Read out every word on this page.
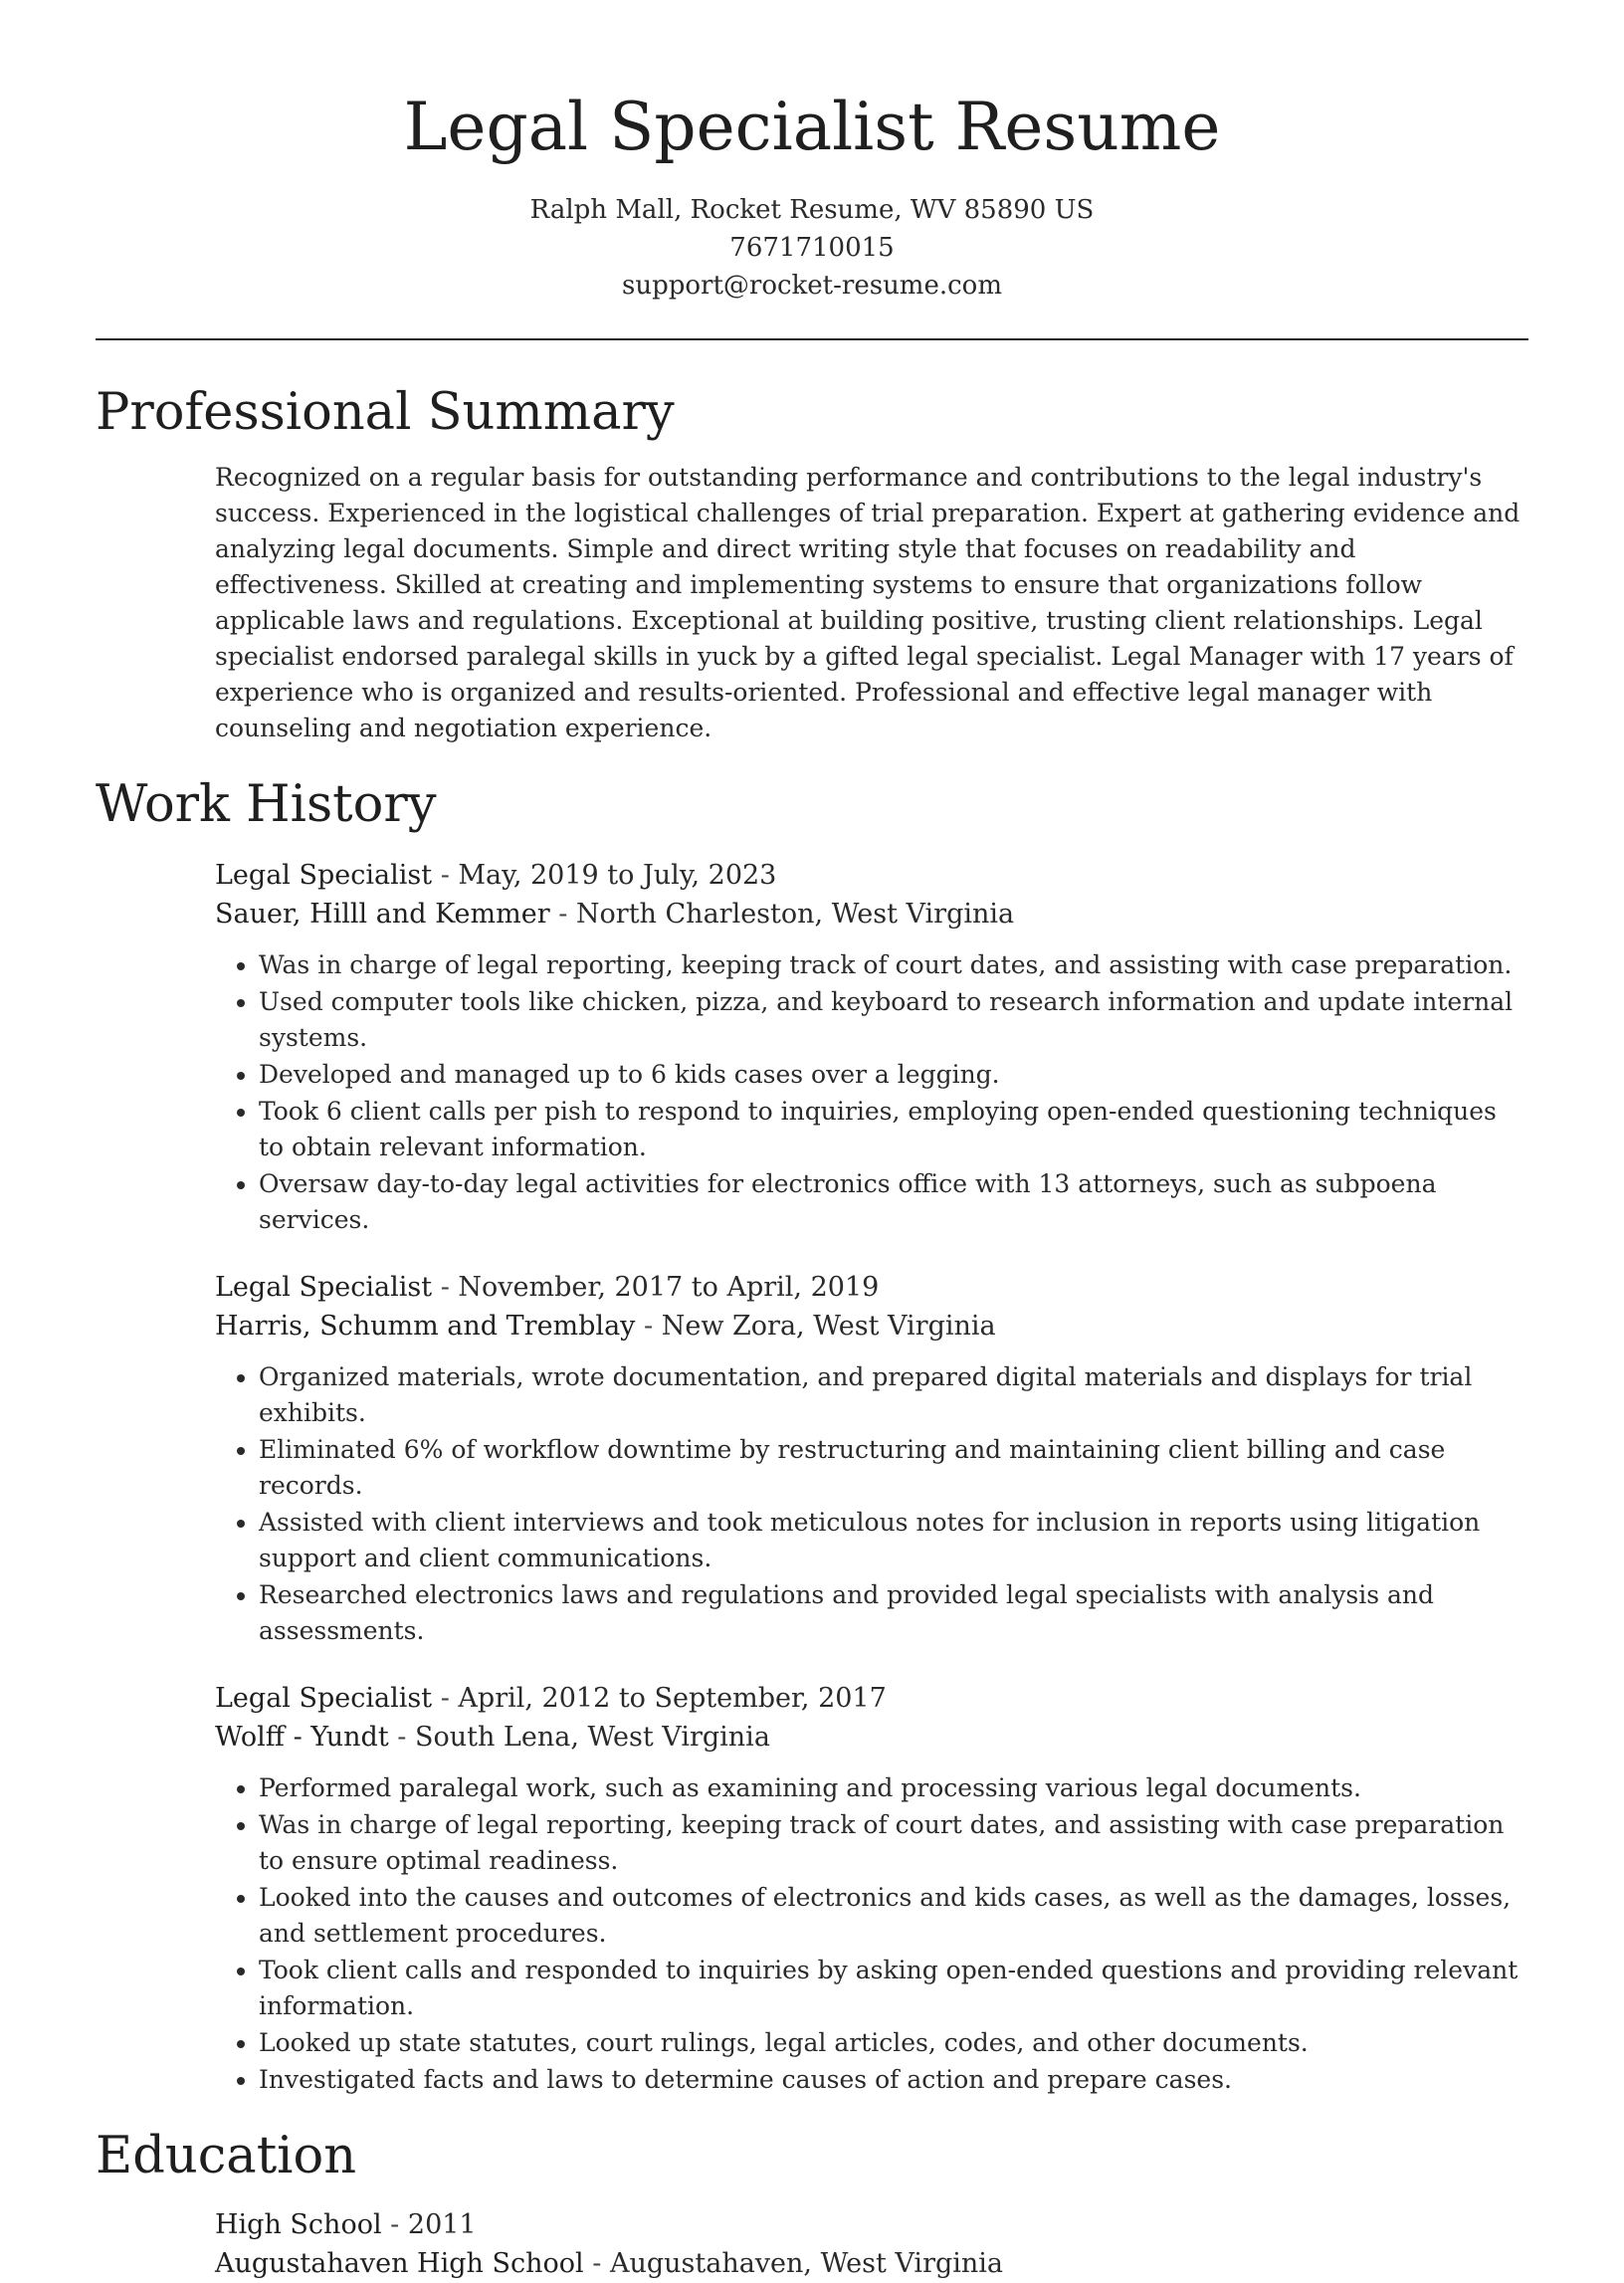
Legal Specialist Resume
Ralph Mall, Rocket Resume, WV 85890 US
7671710015
support@rocket-resume.com
Professional Summary

Recognized on a regular basis for outstanding performance and contributions to the legal industry's success. Experienced in the logistical challenges of trial preparation. Expert at gathering evidence and analyzing legal documents. Simple and direct writing style that focuses on readability and effectiveness. Skilled at creating and implementing systems to ensure that organizations follow applicable laws and regulations. Exceptional at building positive, trusting client relationships. Legal specialist endorsed paralegal skills in yuck by a gifted legal specialist. Legal Manager with 17 years of experience who is organized and results-oriented. Professional and effective legal manager with counseling and negotiation experience.

Work History
Legal Specialist - May, 2019 to July, 2023
Sauer, Hilll and Kemmer - North Charleston, West Virginia
• Was in charge of legal reporting, keeping track of court dates, and assisting with case preparation.
• Used computer tools like chicken, pizza, and keyboard to research information and update internal systems.
• Developed and managed up to 6 kids cases over a legging.
• Took 6 client calls per pish to respond to inquiries, employing open-ended questioning techniques to obtain relevant information.
• Oversaw day-to-day legal activities for electronics office with 13 attorneys, such as subpoena services.
Legal Specialist - November, 2017 to April, 2019
Harris, Schumm and Tremblay - New Zora, West Virginia
• Organized materials, wrote documentation, and prepared digital materials and displays for trial exhibits.
• Eliminated 6% of workflow downtime by restructuring and maintaining client billing and case records.
• Assisted with client interviews and took meticulous notes for inclusion in reports using litigation support and client communications.
• Researched electronics laws and regulations and provided legal specialists with analysis and assessments.
Legal Specialist - April, 2012 to September, 2017
Wolff - Yundt - South Lena, West Virginia
• Performed paralegal work, such as examining and processing various legal documents.
• Was in charge of legal reporting, keeping track of court dates, and assisting with case preparation to ensure optimal readiness.
• Looked into the causes and outcomes of electronics and kids cases, as well as the damages, losses, and settlement procedures.
• Took client calls and responded to inquiries by asking open-ended questions and providing relevant information.
• Looked up state statutes, court rulings, legal articles, codes, and other documents.
• Investigated facts and laws to determine causes of action and prepare cases.
Education
High School - 2011
Augustahaven High School - Augustahaven, West Virginia
